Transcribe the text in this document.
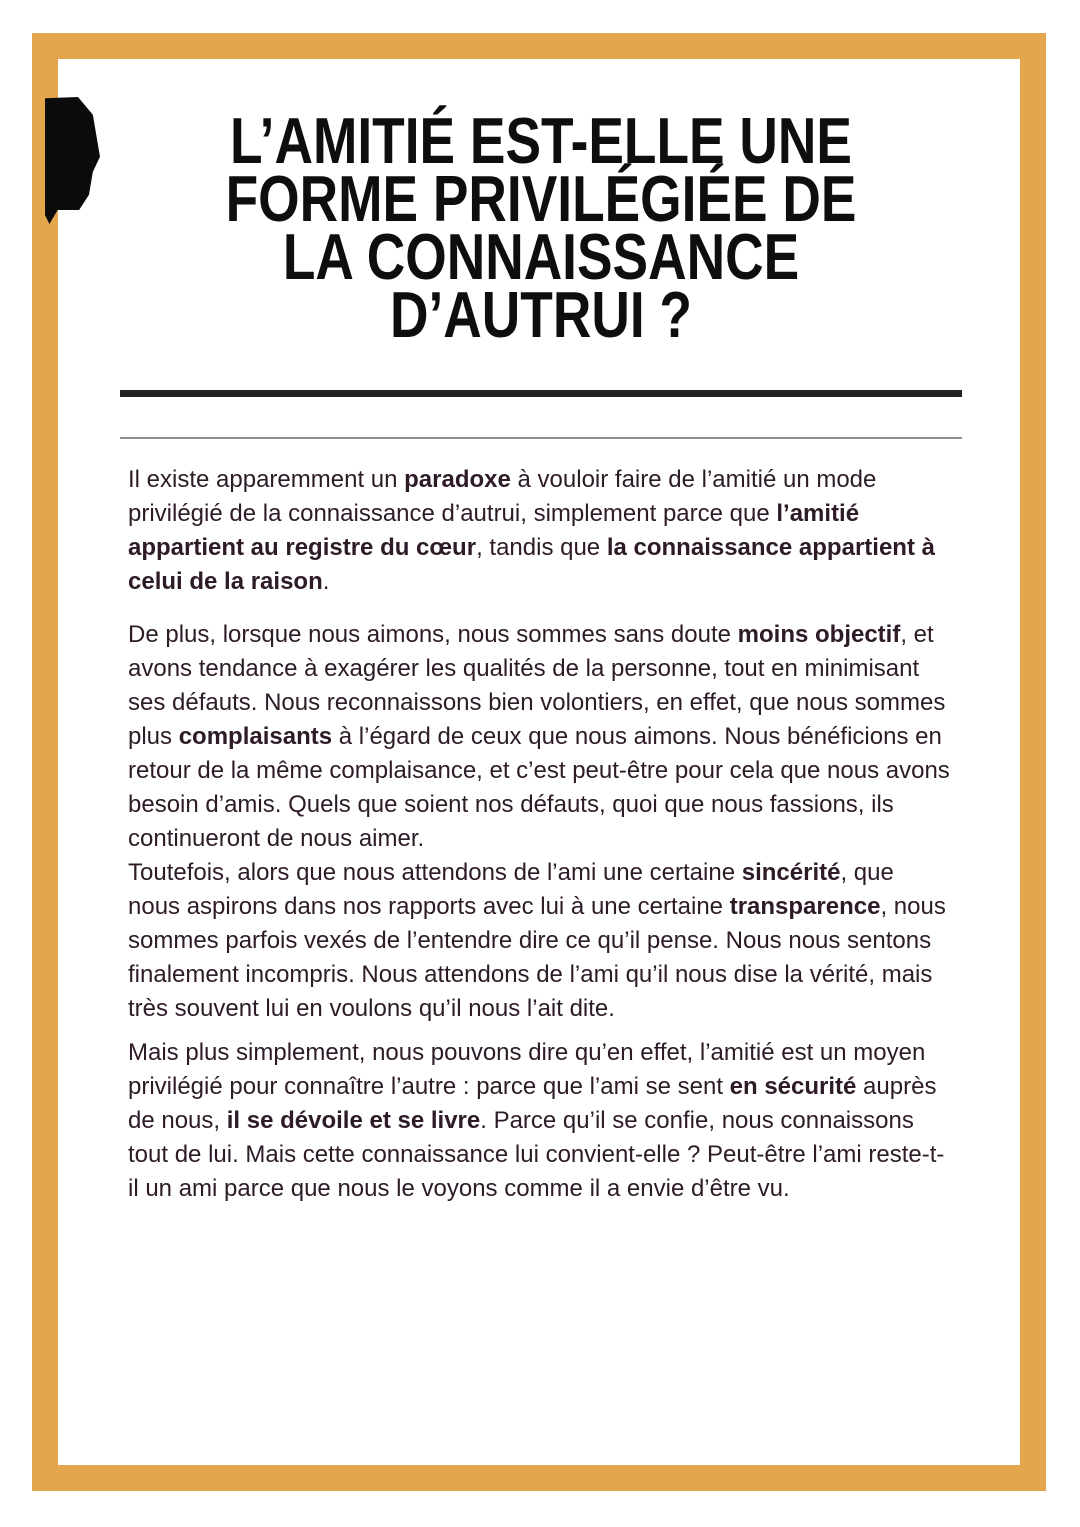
L’AMITIÉ EST-ELLE UNE
FORME PRIVILÉGIÉE DE
LA CONNAISSANCE
D’AUTRUI ?

Il existe apparemment un paradoxe à vouloir faire de l’amitié un mode privilégié de la connaissance d’autrui, simplement parce que l’amitié appartient au registre du cœur, tandis que la connaissance appartient à celui de la raison.

De plus, lorsque nous aimons, nous sommes sans doute moins objectif, et avons tendance à exagérer les qualités de la personne, tout en minimisant ses défauts. Nous reconnaissons bien volontiers, en effet, que nous sommes plus complaisants à l’égard de ceux que nous aimons. Nous bénéficions en retour de la même complaisance, et c’est peut-être pour cela que nous avons besoin d’amis. Quels que soient nos défauts, quoi que nous fassions, ils continueront de nous aimer.

Toutefois, alors que nous attendons de l’ami une certaine sincérité, que nous aspirons dans nos rapports avec lui à une certaine transparence, nous sommes parfois vexés de l’entendre dire ce qu’il pense. Nous nous sentons finalement incompris. Nous attendons de l’ami qu’il nous dise la vérité, mais très souvent lui en voulons qu’il nous l’ait dite.

Mais plus simplement, nous pouvons dire qu’en effet, l’amitié est un moyen privilégié pour connaître l’autre : parce que l’ami se sent en sécurité auprès de nous, il se dévoile et se livre. Parce qu’il se confie, nous connaissons tout de lui. Mais cette connaissance lui convient-elle ? Peut-être l’ami reste-t-il un ami parce que nous le voyons comme il a envie d’être vu.
